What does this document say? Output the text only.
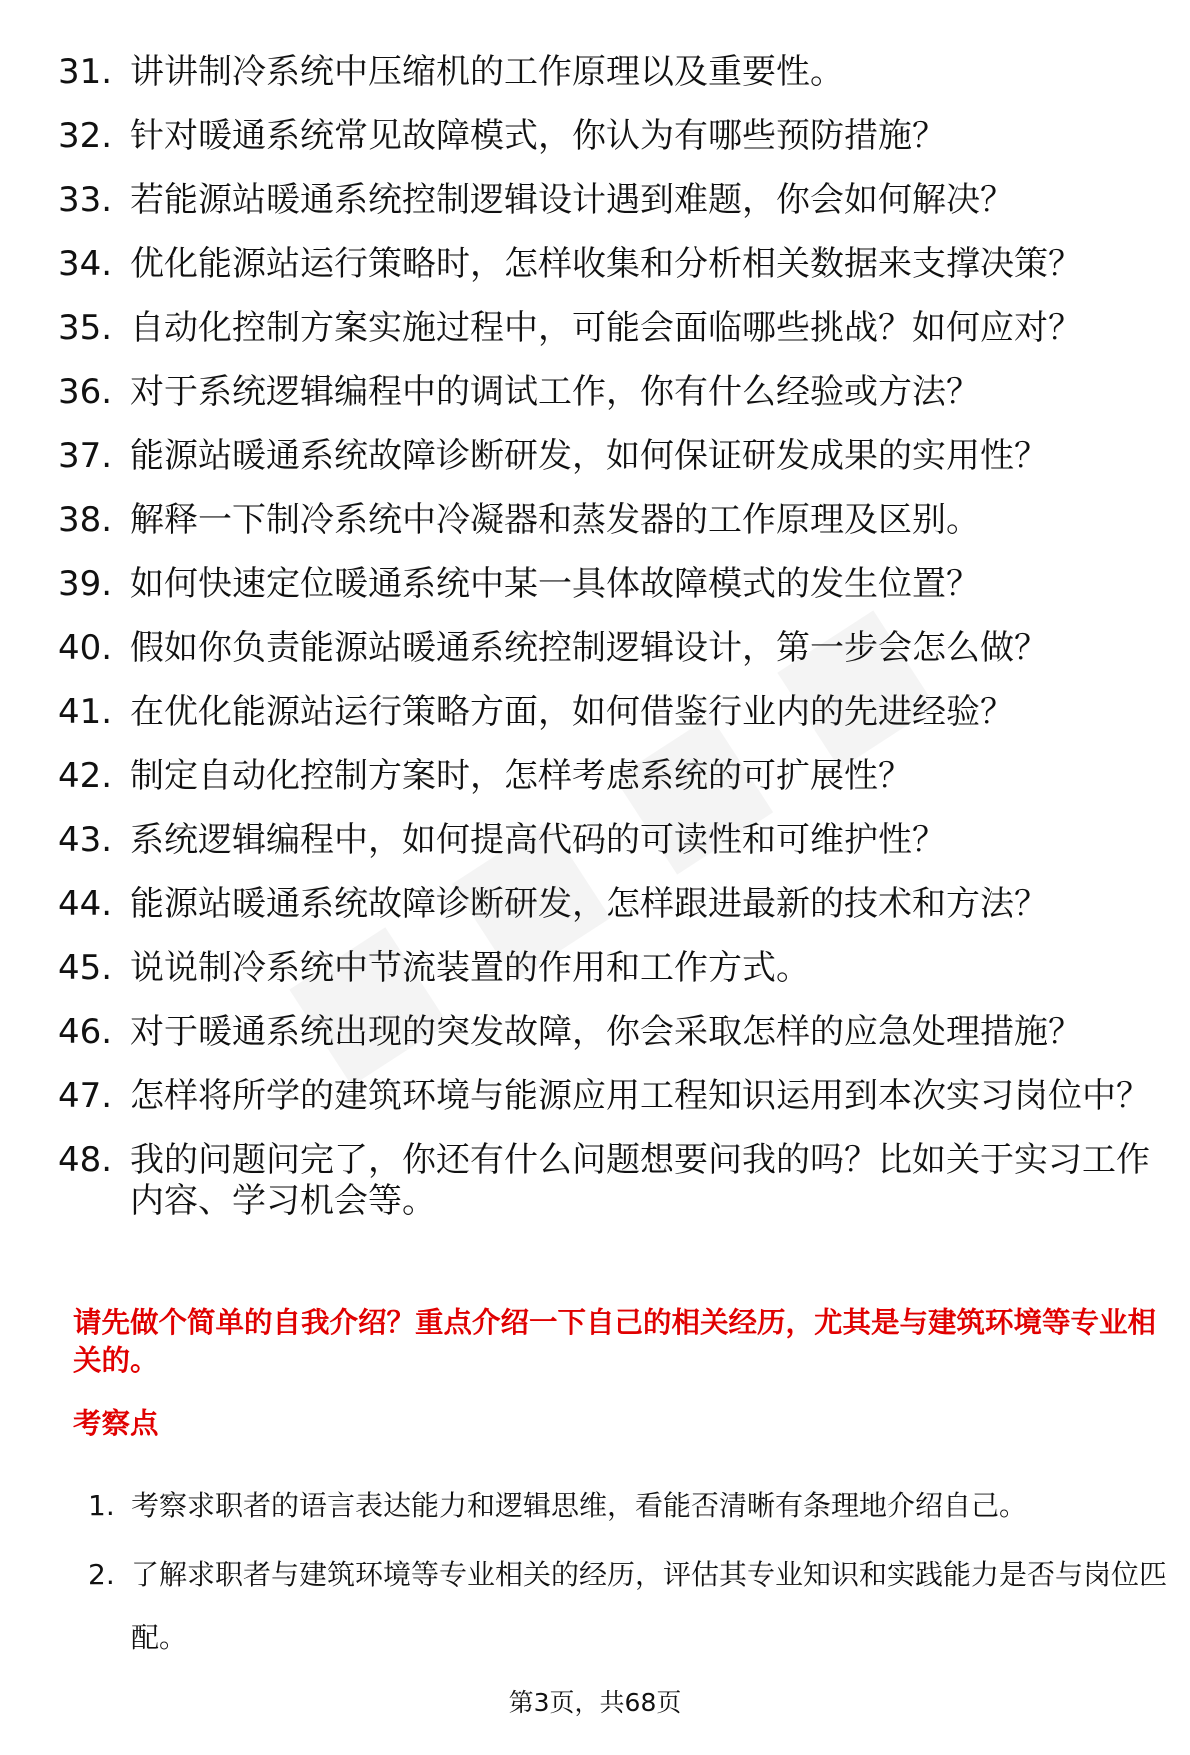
31. 讲讲制冷系统中压缩机的工作原理以及重要性。
32. 针对暖通系统常见故障模式，你认为有哪些预防措施？
33. 若能源站暖通系统控制逻辑设计遇到难题，你会如何解决？
34. 优化能源站运行策略时，怎样收集和分析相关数据来支撑决策？
35. 自动化控制方案实施过程中，可能会面临哪些挑战？如何应对？
36. 对于系统逻辑编程中的调试工作，你有什么经验或方法？
37. 能源站暖通系统故障诊断研发，如何保证研发成果的实用性？
38. 解释一下制冷系统中冷凝器和蒸发器的工作原理及区别。
39. 如何快速定位暖通系统中某一具体故障模式的发生位置？
40. 假如你负责能源站暖通系统控制逻辑设计，第一步会怎么做？
41. 在优化能源站运行策略方面，如何借鉴行业内的先进经验？
42. 制定自动化控制方案时，怎样考虑系统的可扩展性？
43. 系统逻辑编程中，如何提高代码的可读性和可维护性？
44. 能源站暖通系统故障诊断研发，怎样跟进最新的技术和方法？
45. 说说制冷系统中节流装置的作用和工作方式。
46. 对于暖通系统出现的突发故障，你会采取怎样的应急处理措施？
47. 怎样将所学的建筑环境与能源应用工程知识运用到本次实习岗位中？
48. 我的问题问完了，你还有什么问题想要问我的吗？比如关于实习工作内容、学习机会等。

请先做个简单的自我介绍？重点介绍一下自己的相关经历，尤其是与建筑环境等专业相关的。

考察点

1. 考察求职者的语言表达能力和逻辑思维，看能否清晰有条理地介绍自己。
2. 了解求职者与建筑环境等专业相关的经历，评估其专业知识和实践能力是否与岗位匹配。
第3页，共68页
